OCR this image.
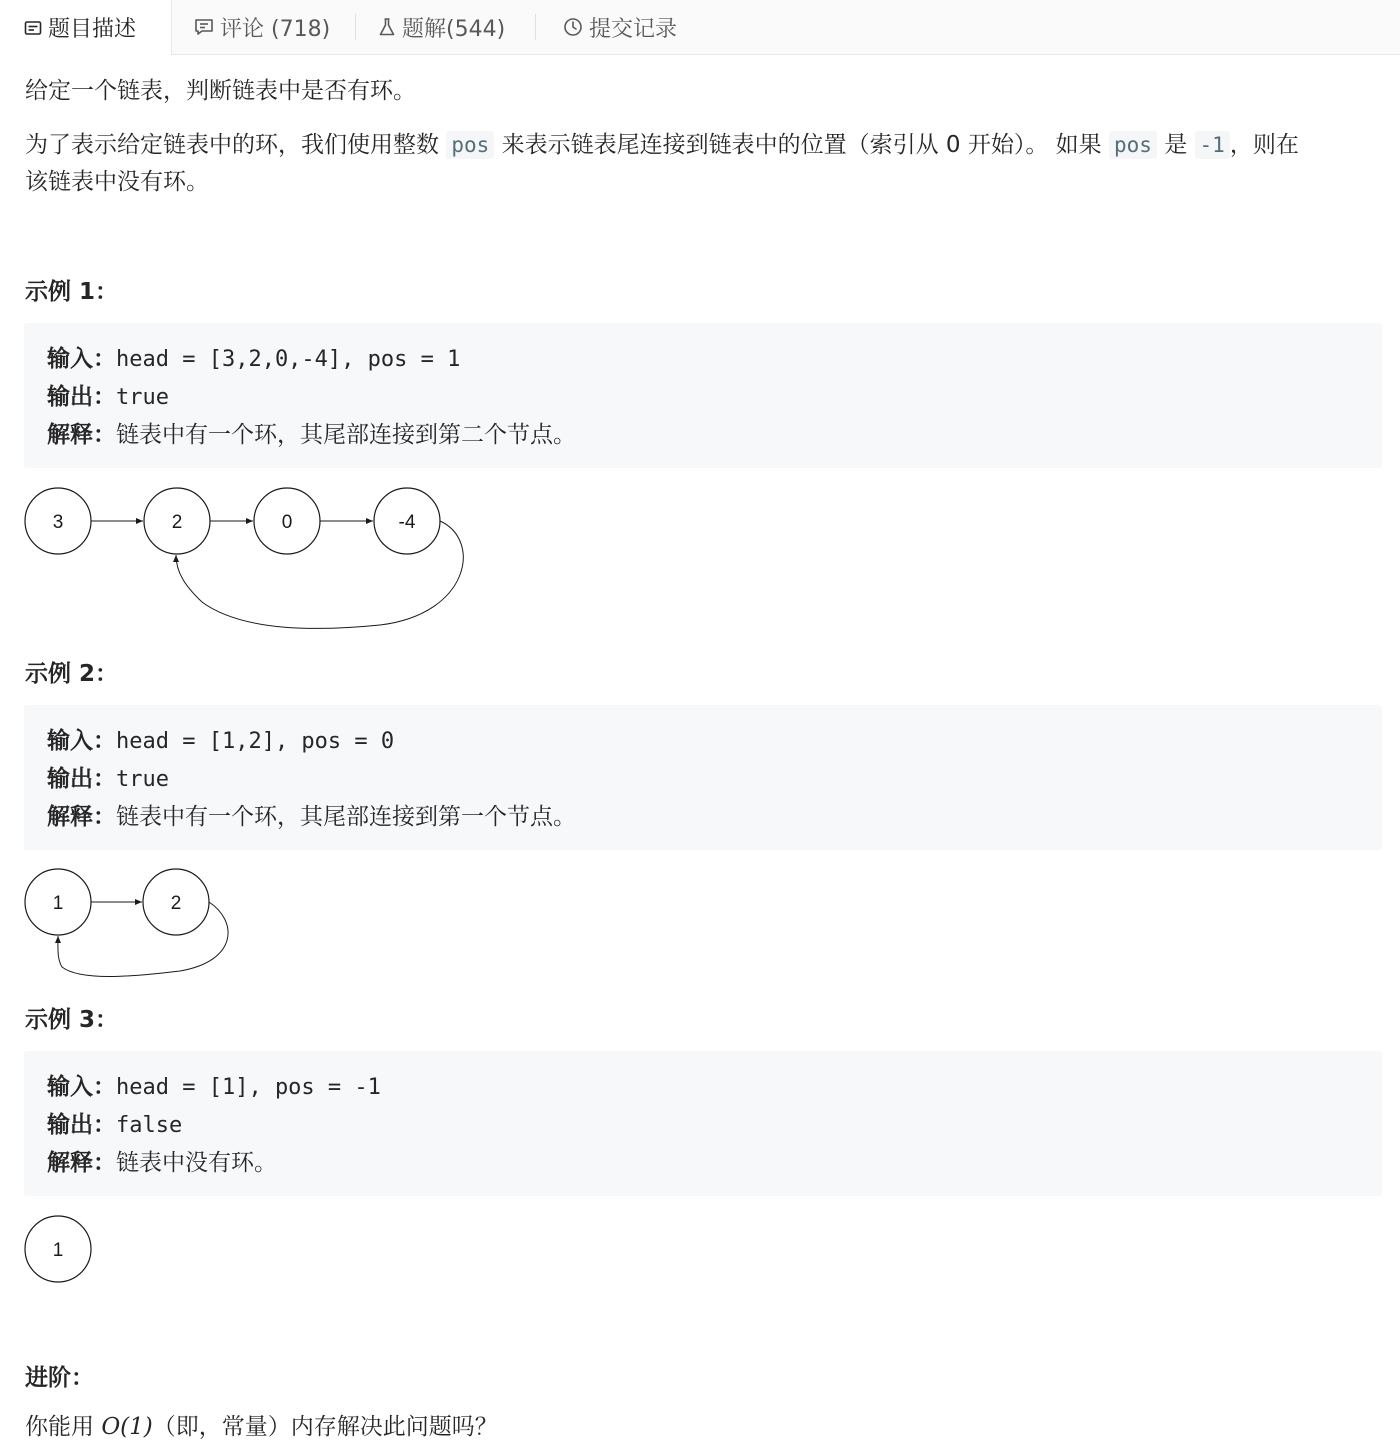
题目描述	评论 (718)	题解(544)	提交记录

给定一个链表，判断链表中是否有环。

为了表示给定链表中的环，我们使用整数 pos 来表示链表尾连接到链表中的位置（索引从 0 开始）。 如果 pos 是 -1 ，则在

该链表中没有环。

示例 1：
输入：head = [3,2,0,-4], pos = 1
输出：true
解释：链表中有一个环，其尾部连接到第二个节点。
3	2	0	-4
示例 2：
输入：head = [1,2], pos = 0
输出：true
解释：链表中有一个环，其尾部连接到第一个节点。
1	2
示例 3：
输入：head = [1], pos = -1
输出：false
解释：链表中没有环。
1
进阶：

你能用 O(1)（即，常量）内存解决此问题吗？
